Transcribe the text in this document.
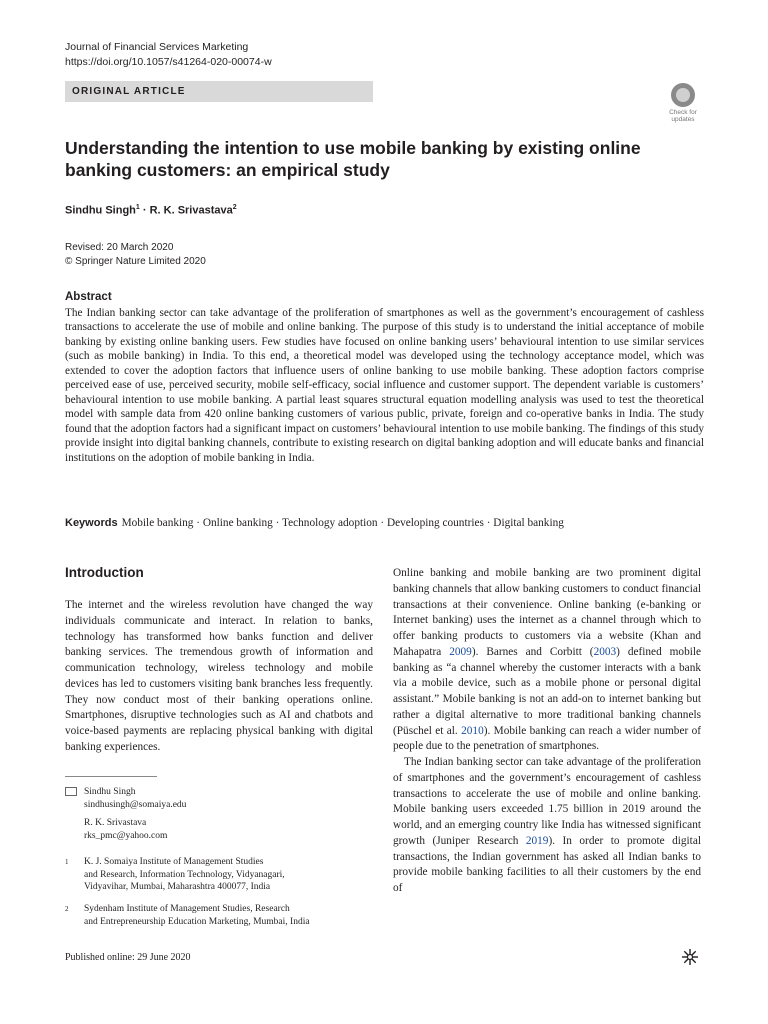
Journal of Financial Services Marketing
https://doi.org/10.1057/s41264-020-00074-w
ORIGINAL ARTICLE
Check for
updates
Understanding the intention to use mobile banking by existing online banking customers: an empirical study
Sindhu Singh$^1$ · R. K. Srivastava$^2$
Revised: 20 March 2020
© Springer Nature Limited 2020
Abstract
The Indian banking sector can take advantage of the proliferation of smartphones as well as the government’s encouragement of cashless transactions to accelerate the use of mobile and online banking. The purpose of this study is to understand the initial acceptance of mobile banking by existing online banking users. Few studies have focused on online banking users’ behavioural intention to use similar services (such as mobile banking) in India. To this end, a theoretical model was developed using the technology acceptance model, which was extended to cover the adoption factors that influence users of online banking to use mobile banking. These adoption factors comprise perceived ease of use, perceived security, mobile self-efficacy, social influence and customer support. The dependent variable is customers’ behavioural intention to use mobile banking. A partial least squares structural equation modelling analysis was used to test the theoretical model with sample data from 420 online banking customers of various public, private, foreign and co-operative banks in India. The study found that the adoption factors had a significant impact on customers’ behavioural intention to use mobile banking. The findings of this study provide insight into digital banking channels, contribute to existing research on digital banking adoption and will educate banks and financial institutions on the adoption of mobile banking in India.
Keywords Mobile banking · Online banking · Technology adoption · Developing countries · Digital banking
Introduction
The internet and the wireless revolution have changed the way individuals communicate and interact. In relation to banks, technology has transformed how banks function and deliver banking services. The tremendous growth of information and communication technology, wireless technology and mobile devices has led to customers visiting bank branches less frequently. They now conduct most of their banking operations online. Smartphones, disruptive technologies such as AI and chatbots and voice-based payments are replacing physical banking with digital banking experiences.
Online banking and mobile banking are two prominent digital banking channels that allow banking customers to conduct financial transactions at their convenience. Online banking (e-banking or Internet banking) uses the internet as a channel through which to offer banking products to customers via a website (Khan and Mahapatra 2009). Barnes and Corbitt (2003) defined mobile banking as “a channel whereby the customer interacts with a bank via a mobile device, such as a mobile phone or personal digital assistant.” Mobile banking is not an add-on to internet banking but rather a digital alternative to more traditional banking channels (Püschel et al. 2010). Mobile banking can reach a wider number of people due to the penetration of smartphones.
The Indian banking sector can take advantage of the proliferation of smartphones and the government’s encouragement of cashless transactions to accelerate the use of mobile and online banking. Mobile banking users exceeded 1.75 billion in 2019 around the world, and an emerging country like India has witnessed significant growth (Juniper Research 2019). In order to promote digital transactions, the Indian government has asked all Indian banks to provide mobile banking facilities to all their customers by the end of
Sindhu Singh
sindhusingh@somaiya.edu
R. K. Srivastava
rks_pmc@yahoo.com
1 K. J. Somaiya Institute of Management Studies
and Research, Information Technology, Vidyanagari,
Vidyavihar, Mumbai, Maharashtra 400077, India
2 Sydenham Institute of Management Studies, Research
and Entrepreneurship Education Marketing, Mumbai, India
Published online: 29 June 2020
